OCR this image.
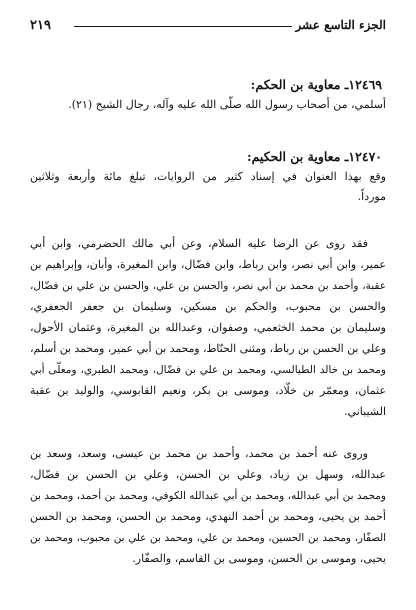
٢١٩	الجزء التاسع عشر
١٢٤٦٩ـ معاوية بن الحكم:
أسلمي، من أصحاب رسول الله صلّى الله عليه وآله، رجال الشيخ (٢١).
١٢٤٧٠ـ معاوية بن الحكيم:
وقع بهذا العنوان في إسناد كثير من الروايات، تبلغ مائة وأربعة وثلاثين
مورداً.
فقد روى عن الرضا عليه السلام، وعن أبي مالك الحضرمي، وابن أبي
عمير، وابن أبي نصر، وابن رباط، وابن فضّال، وابن المغيرة، وأبان، وإبراهيم بن
عقبة، وأحمد بن محمد بن أبي نصر، والحسن بن علي، والحسن بن علي بن فضّال،
والحسن بن محبوب، والحكم بن مسكين، وسليمان بن جعفر الجعفري،
وسليمان بن محمد الخثعمي، وصفوان، وعبدالله بن المغيرة، وعثمان الأحول،
وعلي بن الحسن بن رباط، ومثنى الحنّاط، ومحمد بن أبي عمير، ومحمد بن أسلم،
ومحمد بن خالد الطيالسي، ومحمد بن علي بن فضّال، ومحمد الطبري، ومعلّى أبي
عثمان، ومعمّر بن خلّاد، وموسى بن بكر، ونعيم القابوسي، والوليد بن عقبة
الشيباني.
وروى عنه أحمد بن محمد، وأحمد بن محمد بن عيسى، وسعد، وسعد بن
عبدالله، وسهل بن زياد، وعلي بن الحسن، وعلي بن الحسن بن فضّال،
ومحمد بن أبي عبدالله، ومحمد بن أبي عبدالله الكوفي، ومحمد بن أحمد، ومحمد بن
أحمد بن يحيى، ومحمد بن أحمد النهدي، ومحمد بن الحسن، ومحمد بن الحسن
الصفّار، ومحمد بن الحسين، ومحمد بن علي، ومحمد بن علي بن محبوب، ومحمد بن
يحيى، وموسى بن الحسن، وموسى بن القاسم، والصفّار.
